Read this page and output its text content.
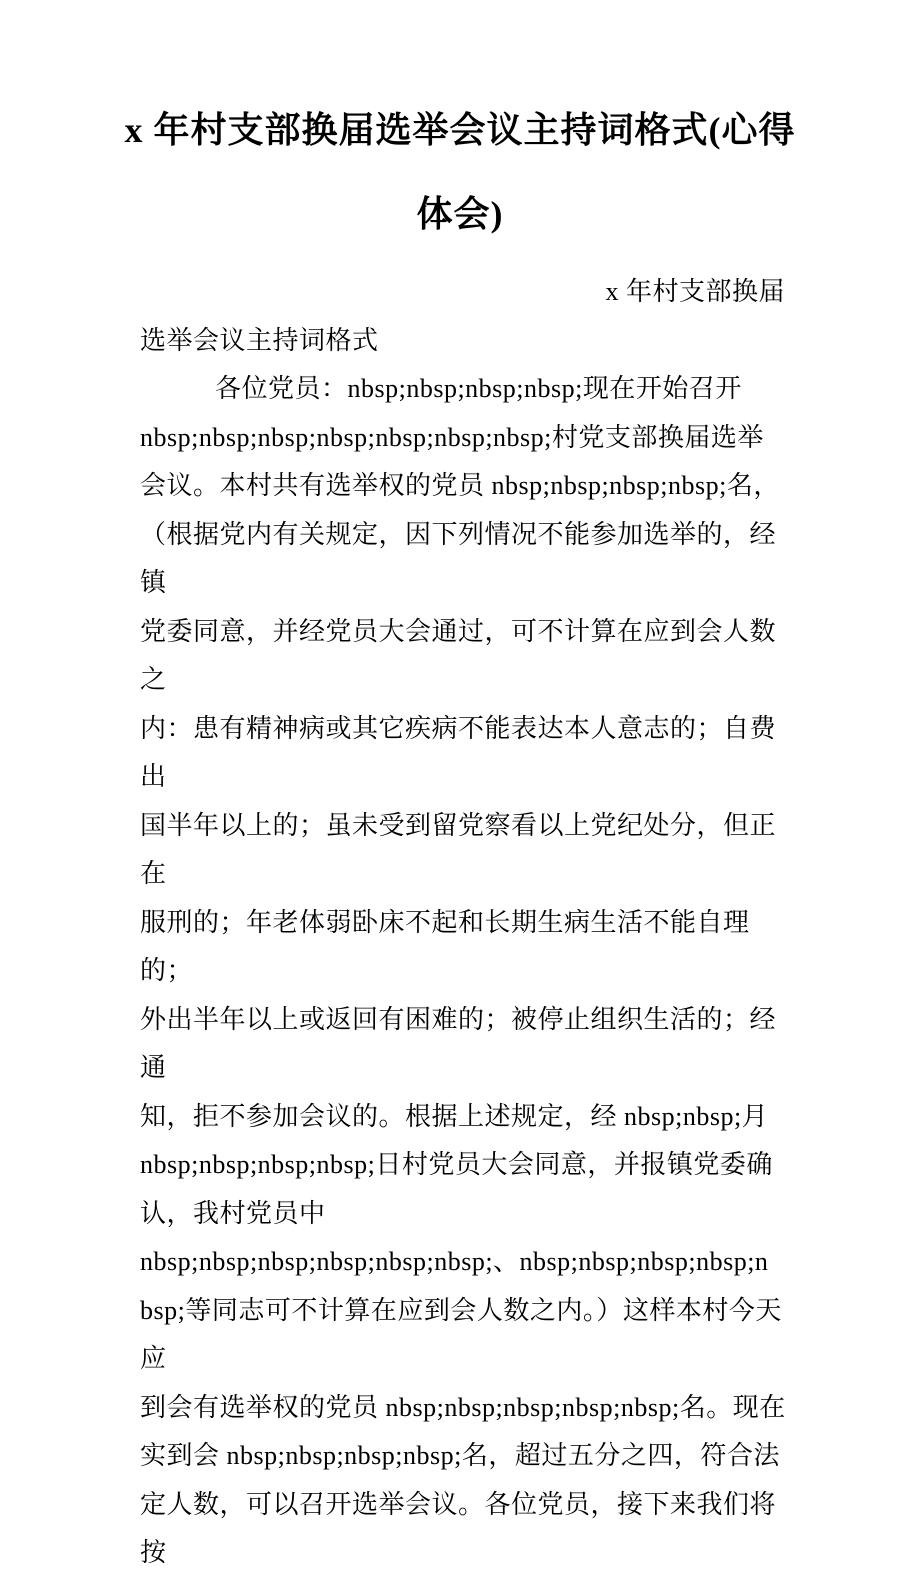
x 年村支部换届选举会议主持词格式(心得
体会)
x 年村支部换届
选举会议主持词格式
各位党员：nbsp;nbsp;nbsp;nbsp;现在开始召开
nbsp;nbsp;nbsp;nbsp;nbsp;nbsp;nbsp;村党支部换届选举
会议。本村共有选举权的党员 nbsp;nbsp;nbsp;nbsp;名，
（根据党内有关规定，因下列情况不能参加选举的，经镇
党委同意，并经党员大会通过，可不计算在应到会人数之
内：患有精神病或其它疾病不能表达本人意志的；自费出
国半年以上的；虽未受到留党察看以上党纪处分，但正在
服刑的；年老体弱卧床不起和长期生病生活不能自理的；
外出半年以上或返回有困难的；被停止组织生活的；经通
知，拒不参加会议的。根据上述规定，经 nbsp;nbsp;月
nbsp;nbsp;nbsp;nbsp;日村党员大会同意，并报镇党委确
认，我村党员中
nbsp;nbsp;nbsp;nbsp;nbsp;nbsp;、nbsp;nbsp;nbsp;nbsp;n
bsp;等同志可不计算在应到会人数之内。）这样本村今天应
到会有选举权的党员 nbsp;nbsp;nbsp;nbsp;nbsp;名。现在
实到会 nbsp;nbsp;nbsp;nbsp;名，超过五分之四，符合法
定人数，可以召开选举会议。各位党员，接下来我们将按
